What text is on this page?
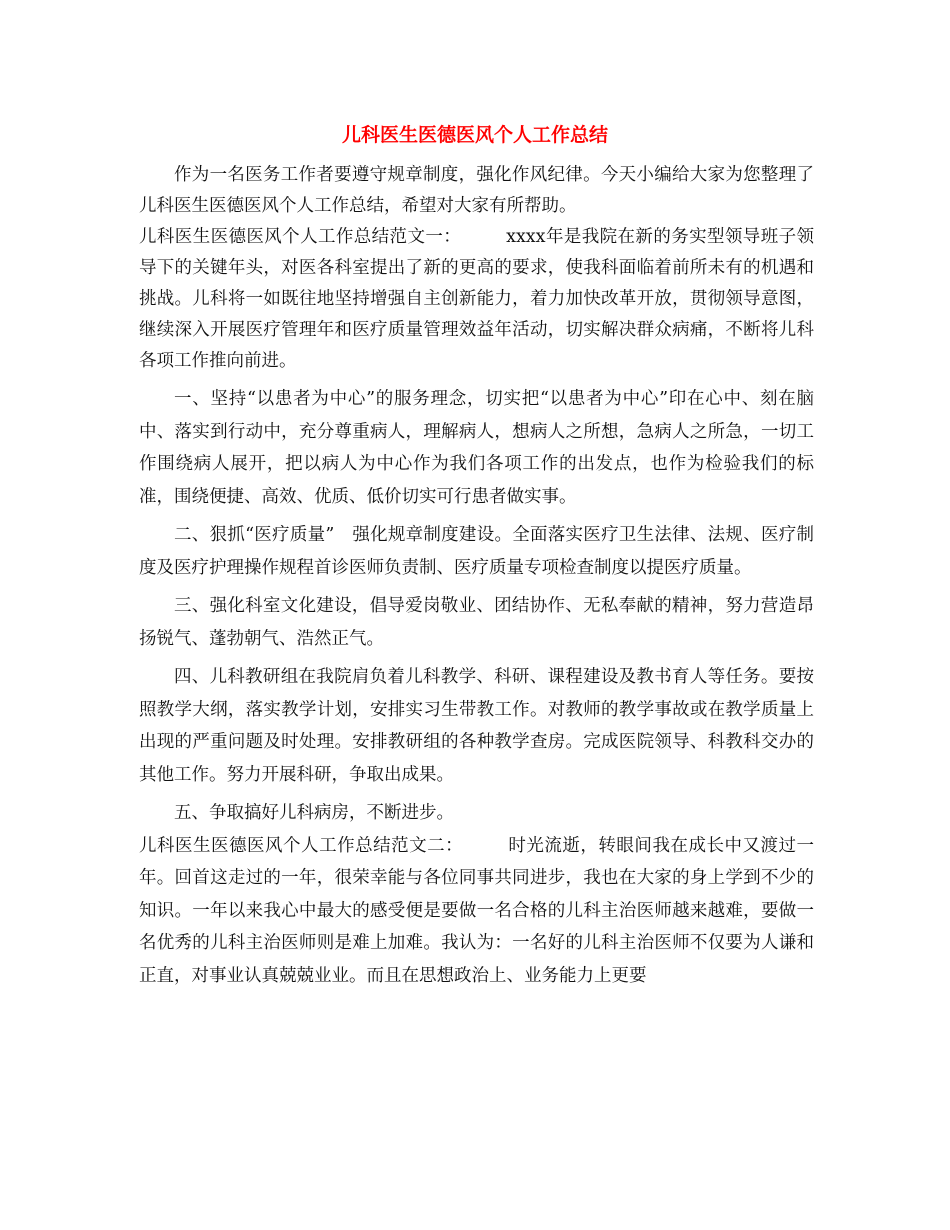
儿科医生医德医风个人工作总结

作为一名医务工作者要遵守规章制度，强化作风纪律。今天小编给大家为您整理了儿科医生医德医风个人工作总结，希望对大家有所帮助。

儿科医生医德医风个人工作总结范文一：　　　xxxx年是我院在新的务实型领导班子领导下的关键年头，对医各科室提出了新的更高的要求，使我科面临着前所未有的机遇和挑战。儿科将一如既往地坚持增强自主创新能力，着力加快改革开放，贯彻领导意图，继续深入开展医疗管理年和医疗质量管理效益年活动，切实解决群众病痛，不断将儿科各项工作推向前进。

一、坚持“以患者为中心”的服务理念，切实把“以患者为中心”印在心中、刻在脑中、落实到行动中，充分尊重病人，理解病人，想病人之所想，急病人之所急，一切工作围绕病人展开，把以病人为中心作为我们各项工作的出发点，也作为检验我们的标准，围绕便捷、高效、优质、低价切实可行患者做实事。

二、狠抓“医疗质量”　强化规章制度建设。全面落实医疗卫生法律、法规、医疗制度及医疗护理操作规程首诊医师负责制、医疗质量专项检查制度以提医疗质量。

三、强化科室文化建设，倡导爱岗敬业、团结协作、无私奉献的精神，努力营造昂扬锐气、蓬勃朝气、浩然正气。

四、儿科教研组在我院肩负着儿科教学、科研、课程建设及教书育人等任务。要按照教学大纲，落实教学计划，安排实习生带教工作。对教师的教学事故或在教学质量上出现的严重问题及时处理。安排教研组的各种教学查房。完成医院领导、科教科交办的其他工作。努力开展科研，争取出成果。

五、争取搞好儿科病房，不断进步。

儿科医生医德医风个人工作总结范文二：　　　时光流逝，转眼间我在成长中又渡过一年。回首这走过的一年，很荣幸能与各位同事共同进步，我也在大家的身上学到不少的知识。一年以来我心中最大的感受便是要做一名合格的儿科主治医师越来越难，要做一名优秀的儿科主治医师则是难上加难。我认为：一名好的儿科主治医师不仅要为人谦和正直，对事业认真兢兢业业。而且在思想政治上、业务能力上更要
